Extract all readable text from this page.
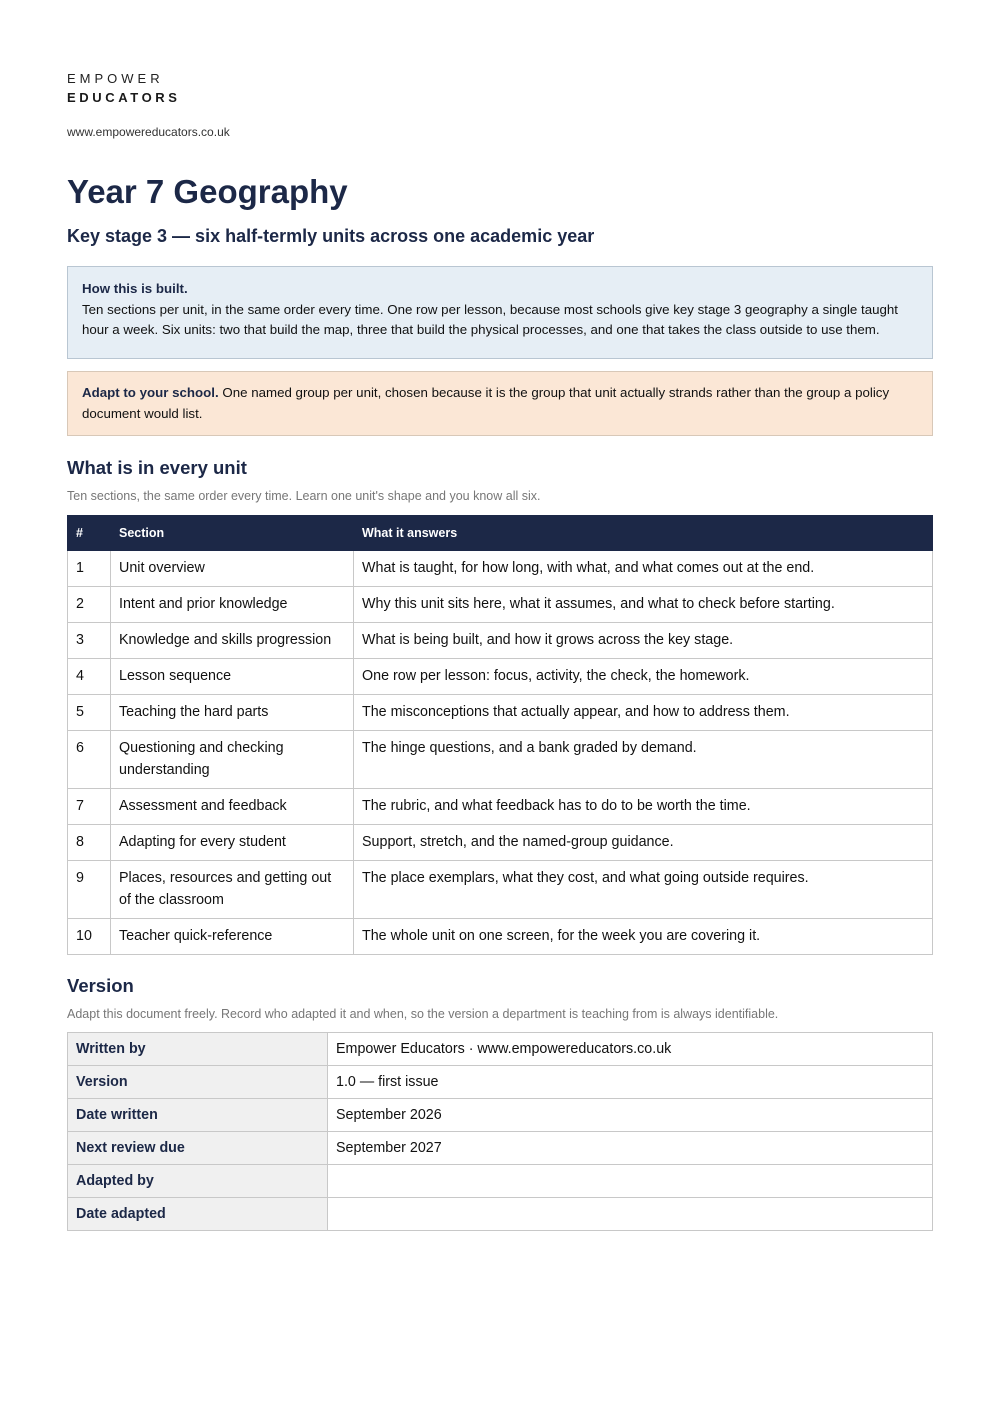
EMPOWER
EDUCATORS
www.empowereducators.co.uk
Year 7 Geography
Key stage 3 — six half-termly units across one academic year
How this is built.
Ten sections per unit, in the same order every time. One row per lesson, because most schools give key stage 3 geography a single taught hour a week. Six units: two that build the map, three that build the physical processes, and one that takes the class outside to use them.
Adapt to your school. One named group per unit, chosen because it is the group that unit actually strands rather than the group a policy document would list.
What is in every unit
Ten sections, the same order every time. Learn one unit's shape and you know all six.
#	Section	What it answers
1	Unit overview	What is taught, for how long, with what, and what comes out at the end.
2	Intent and prior knowledge	Why this unit sits here, what it assumes, and what to check before starting.
3	Knowledge and skills progression	What is being built, and how it grows across the key stage.
4	Lesson sequence	One row per lesson: focus, activity, the check, the homework.
5	Teaching the hard parts	The misconceptions that actually appear, and how to address them.
6	Questioning and checking understanding	The hinge questions, and a bank graded by demand.
7	Assessment and feedback	The rubric, and what feedback has to do to be worth the time.
8	Adapting for every student	Support, stretch, and the named-group guidance.
9	Places, resources and getting out of the classroom	The place exemplars, what they cost, and what going outside requires.
10	Teacher quick-reference	The whole unit on one screen, for the week you are covering it.
Version
Adapt this document freely. Record who adapted it and when, so the version a department is teaching from is always identifiable.
Written by	Empower Educators · www.empowereducators.co.uk
Version	1.0 — first issue
Date written	September 2026
Next review due	September 2027
Adapted by	
Date adapted	
